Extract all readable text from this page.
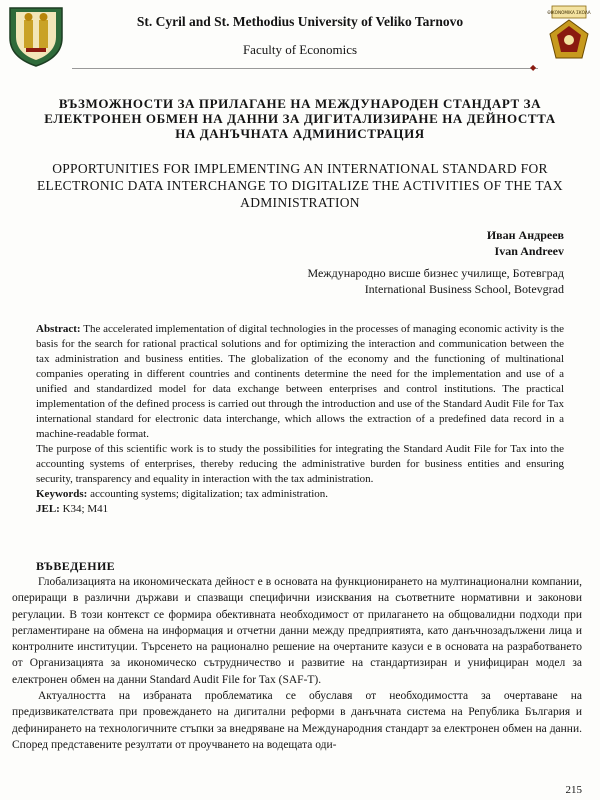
ΘΙΚΟΝΟΜΙΚΑ ΣΚΟΛΑ
St. Cyril and St. Methodius University of Veliko Tarnovo
Faculty of Economics
◆
ВЪЗМОЖНОСТИ ЗА ПРИЛАГАНЕ НА МЕЖДУНАРОДЕН СТАНДАРТ ЗА ЕЛЕКТРОНЕН ОБМЕН НА ДАННИ ЗА ДИГИТАЛИЗИРАНЕ НА ДЕЙНОСТТА НА ДАНЪЧНАТА АДМИНИСТРАЦИЯ
OPPORTUNITIES FOR IMPLEMENTING AN INTERNATIONAL STANDARD FOR ELECTRONIC DATA INTERCHANGE TO DIGITALIZE THE ACTIVITIES OF THE TAX ADMINISTRATION
Иван Андреев
Ivan Andreev
Международно висше бизнес училище, Ботевград
International Business School, Botevgrad

Abstract: The accelerated implementation of digital technologies in the processes of managing economic activity is the basis for the search for rational practical solutions and for optimizing the interaction and communication between the tax administration and business entities. The globalization of the economy and the functioning of multinational companies operating in different countries and continents determine the need for the implementation and use of a unified and standardized model for data exchange between enterprises and control institutions. The practical implementation of the defined process is carried out through the introduction and use of the Standard Audit File for Tax international standard for electronic data interchange, which allows the extraction of a predefined data record in a machine-readable format.

The purpose of this scientific work is to study the possibilities for integrating the Standard Audit File for Tax into the accounting systems of enterprises, thereby reducing the administrative burden for business entities and ensuring security, transparency and equality in interaction with the tax administration.

Keywords: accounting systems; digitalization; tax administration.

JEL: K34; M41

ВЪВЕДЕНИЕ

Глобализацията на икономическата дейност е в основата на функционирането на мултинационални компании, опериращи в различни държави и спазващи специфични изисквания на съответните нормативни и законови регулации. В този контекст се формира обективната необходимост от прилагането на общовалидни подходи при регламентиране на обмена на информация и отчетни данни между предприятията, като данъчнозадължени лица и контролните институции. Търсенето на рационално решение на очертаните казуси е в основата на разработването от Организацията за икономическо сътрудничество и развитие на стандартизиран и унифициран модел за електронен обмен на данни Standard Audit File for Tax (SAF-T).

Актуалността на избраната проблематика се обуславя от необходимостта за очертаване на предизвикателствата при провеждането на дигитални реформи в данъчната система на Република България и дефинирането на технологичните стъпки за внедряване на Международния стандарт за електронен обмен на данни. Според представените резултати от проучването на водещата оди-

215
